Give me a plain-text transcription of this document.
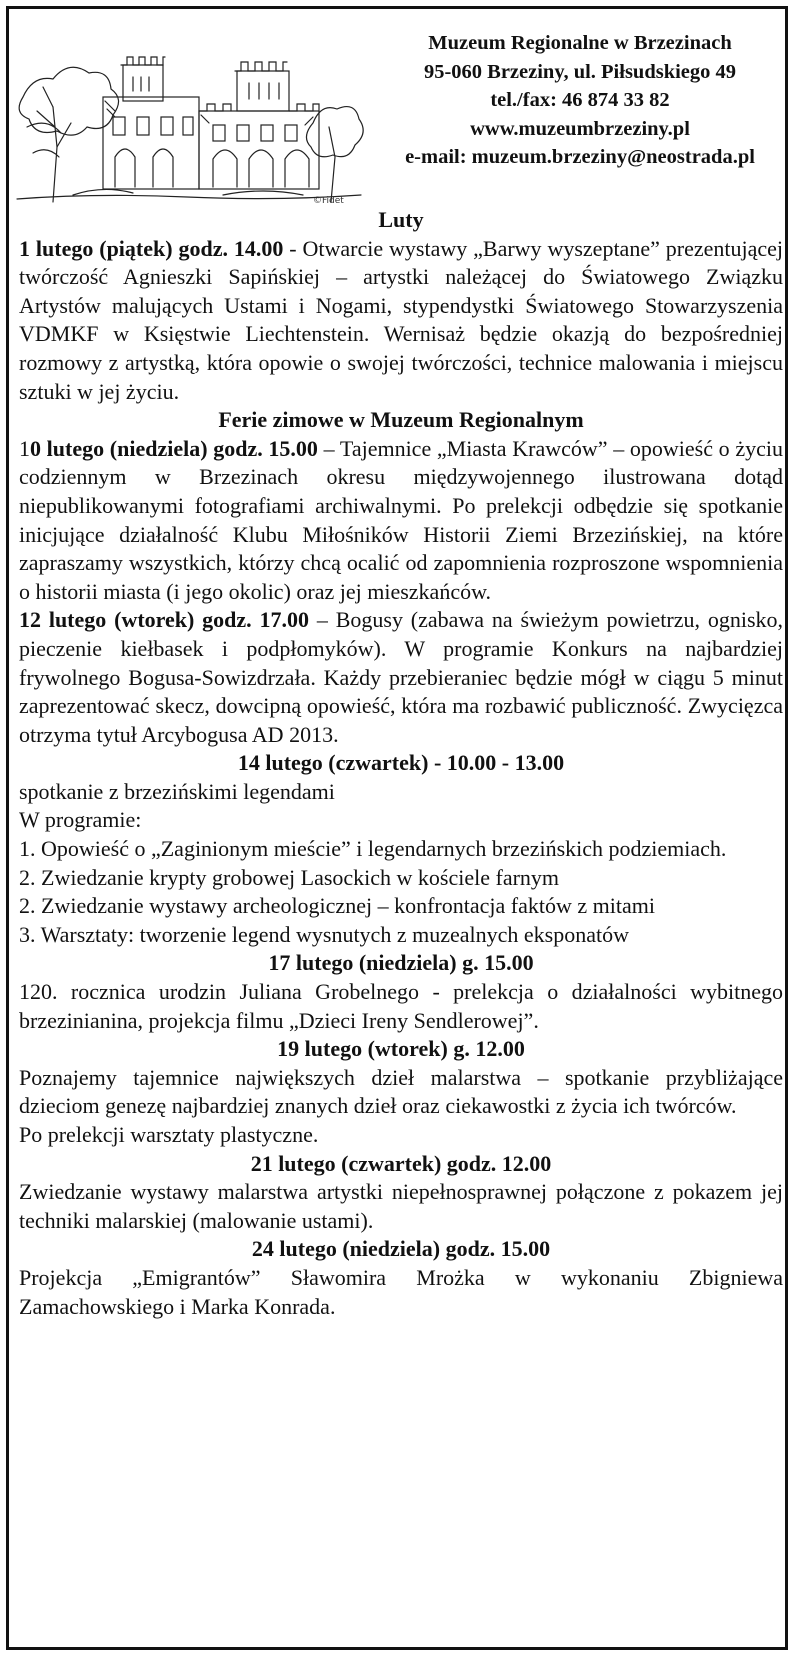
©Fidet
Muzeum Regionalne w Brzezinach
95-060 Brzeziny, ul. Piłsudskiego 49
tel./fax: 46 874 33 82
www.muzeumbrzeziny.pl
e-mail: muzeum.brzeziny@neostrada.pl
Luty
1 lutego (piątek) godz. 14.00 - Otwarcie wystawy „Barwy wyszeptane” prezentującej twórczość Agnieszki Sapińskiej – artystki należącej do Światowego Związku Artystów malujących Ustami i Nogami, stypendystki Światowego Stowarzyszenia VDMKF w Księstwie Liechtenstein. Wernisaż będzie okazją do bezpośredniej rozmowy z artystką, która opowie o swojej twórczości, technice malowania i miejscu sztuki w jej życiu.
Ferie zimowe w Muzeum Regionalnym
10 lutego (niedziela) godz. 15.00 – Tajemnice „Miasta Krawców” – opowieść o życiu codziennym w Brzezinach okresu międzywojennego ilustrowana dotąd niepublikowanymi fotografiami archiwalnymi. Po prelekcji odbędzie się spotkanie inicjujące działalność Klubu Miłośników Historii Ziemi Brzezińskiej, na które zapraszamy wszystkich, którzy chcą ocalić od zapomnienia rozproszone wspomnienia o historii miasta (i jego okolic) oraz jej mieszkańców.
12 lutego (wtorek) godz. 17.00 – Bogusy (zabawa na świeżym powietrzu, ognisko, pieczenie kiełbasek i podpłomyków). W programie Konkurs na najbardziej frywolnego Bogusa-Sowizdrzała. Każdy przebieraniec będzie mógł w ciągu 5 minut zaprezentować skecz, dowcipną opowieść, która ma rozbawić publiczność. Zwycięzca otrzyma tytuł Arcybogusa AD 2013.
14 lutego (czwartek) - 10.00 - 13.00
spotkanie z brzezińskimi legendami
W programie:
1. Opowieść o „Zaginionym mieście” i legendarnych brzezińskich podziemiach.
2. Zwiedzanie krypty grobowej Lasockich w kościele farnym
2. Zwiedzanie wystawy archeologicznej – konfrontacja faktów z mitami
3. Warsztaty: tworzenie legend wysnutych z muzealnych eksponatów
17 lutego (niedziela) g. 15.00
120. rocznica urodzin Juliana Grobelnego - prelekcja o działalności wybitnego brzezinianina, projekcja filmu „Dzieci Ireny Sendlerowej”.
19 lutego (wtorek) g. 12.00
Poznajemy tajemnice największych dzieł malarstwa – spotkanie przybliżające dzieciom genezę najbardziej znanych dzieł oraz ciekawostki z życia ich twórców.
Po prelekcji warsztaty plastyczne.
21 lutego (czwartek) godz. 12.00
Zwiedzanie wystawy malarstwa artystki niepełnosprawnej połączone z pokazem jej techniki malarskiej (malowanie ustami).
24 lutego (niedziela) godz. 15.00
Projekcja „Emigrantów” Sławomira Mrożka w wykonaniu Zbigniewa Zamachowskiego i Marka Konrada.
